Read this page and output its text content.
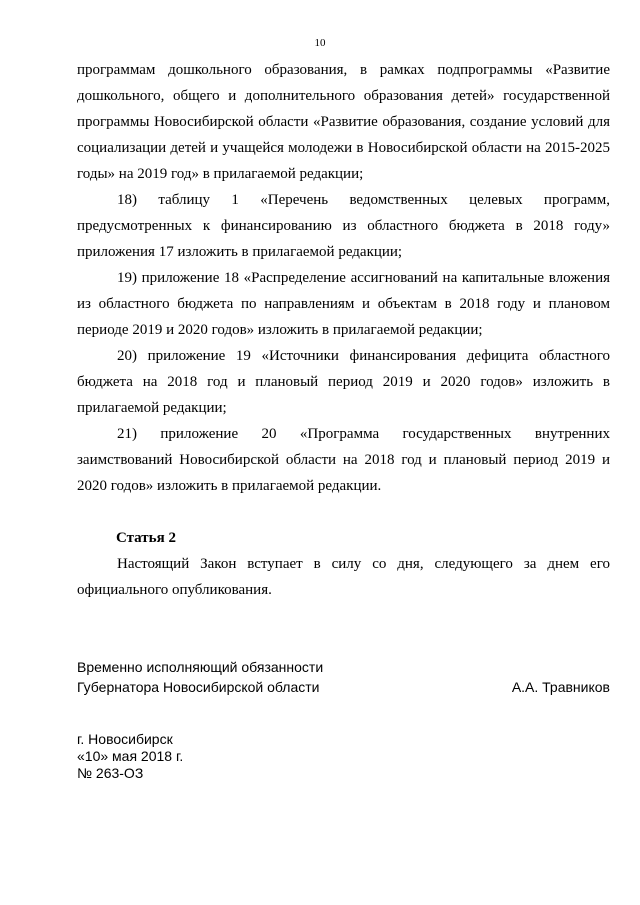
10

программам дошкольного образования, в рамках подпрограммы «Развитие дошкольного, общего и дополнительного образования детей» государственной программы Новосибирской области «Развитие образования, создание условий для социализации детей и учащейся молодежи в Новосибирской области на 2015-2025 годы» на 2019 год» в прилагаемой редакции;

18) таблицу 1 «Перечень ведомственных целевых программ, предусмотренных к финансированию из областного бюджета в 2018 году» приложения 17 изложить в прилагаемой редакции;

19) приложение 18 «Распределение ассигнований на капитальные вложения из областного бюджета по направлениям и объектам в 2018 году и плановом периоде 2019 и 2020 годов» изложить в прилагаемой редакции;

20) приложение 19 «Источники финансирования дефицита областного бюджета на 2018 год и плановый период 2019 и 2020 годов» изложить в прилагаемой редакции;

21) приложение 20 «Программа государственных внутренних заимствований Новосибирской области на 2018 год и плановый период 2019 и 2020 годов» изложить в прилагаемой редакции.

Статья 2

Настоящий Закон вступает в силу со дня, следующего за днем его официального опубликования.

Временно исполняющий обязанности
Губернатора Новосибирской области	А.А. Травников
г. Новосибирск
«10» мая 2018 г.
№ 263-ОЗ
